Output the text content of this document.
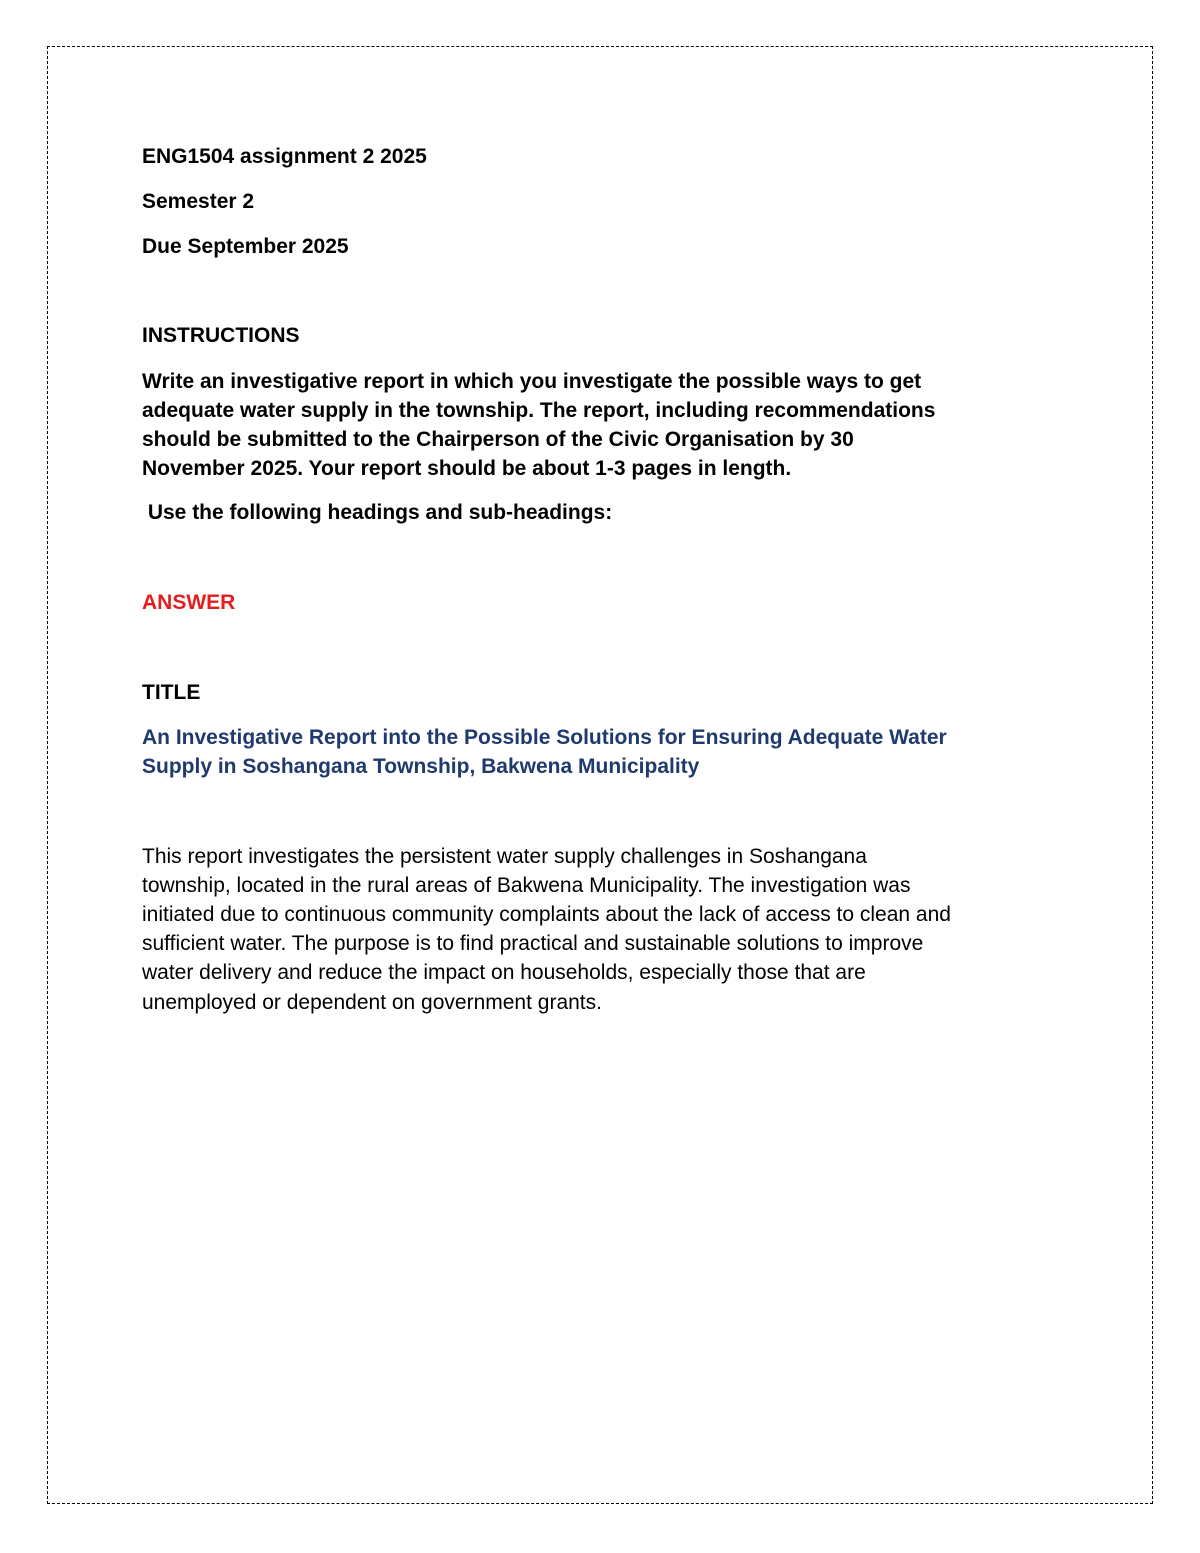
ENG1504 assignment 2 2025

Semester 2

Due September 2025

INSTRUCTIONS

Write an investigative report in which you investigate the possible ways to get

adequate water supply in the township. The report, including recommendations

should be submitted to the Chairperson of the Civic Organisation by 30

November 2025. Your report should be about 1-3 pages in length.

Use the following headings and sub-headings:

ANSWER

TITLE

An Investigative Report into the Possible Solutions for Ensuring Adequate Water

Supply in Soshangana Township, Bakwena Municipality

This report investigates the persistent water supply challenges in Soshangana

township, located in the rural areas of Bakwena Municipality. The investigation was

initiated due to continuous community complaints about the lack of access to clean and

sufficient water. The purpose is to find practical and sustainable solutions to improve

water delivery and reduce the impact on households, especially those that are

unemployed or dependent on government grants.
